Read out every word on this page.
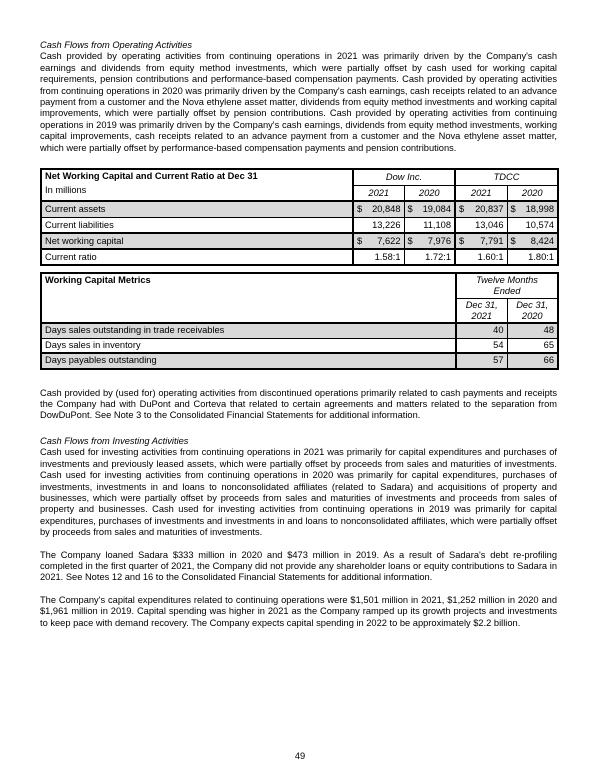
Cash Flows from Operating Activities

Cash provided by operating activities from continuing operations in 2021 was primarily driven by the Company's cash earnings and dividends from equity method investments, which were partially offset by cash used for working capital requirements, pension contributions and performance-based compensation payments. Cash provided by operating activities from continuing operations in 2020 was primarily driven by the Company's cash earnings, cash receipts related to an advance payment from a customer and the Nova ethylene asset matter, dividends from equity method investments and working capital improvements, which were partially offset by pension contributions. Cash provided by operating activities from continuing operations in 2019 was primarily driven by the Company's cash earnings, dividends from equity method investments, working capital improvements, cash receipts related to an advance payment from a customer and the Nova ethylene asset matter, which were partially offset by performance-based compensation payments and pension contributions.

Net Working Capital and Current Ratio at Dec 31
In millions	Dow Inc.		TDCC	
	2021	2020	2021	2020
Current assets	$ 20,848	$ 19,084	$ 20,837	$ 18,998

Current liabilities	13,226	11,108	13,046	10,574
Net working capital	$ 7,622	$ 7,976	$ 7,791	$ 8,424

Current ratio	1.58:1	1.72:1	1.60:1	1.80:1
Working Capital Metrics	Twelve Months Ended	
	Dec 31, 2021	Dec 31, 2020
Days sales outstanding in trade receivables	40	48
Days sales in inventory	54	65
Days payables outstanding	57	66

Cash provided by (used for) operating activities from discontinued operations primarily related to cash payments and receipts the Company had with DuPont and Corteva that related to certain agreements and matters related to the separation from DowDuPont. See Note 3 to the Consolidated Financial Statements for additional information.

Cash Flows from Investing Activities

Cash used for investing activities from continuing operations in 2021 was primarily for capital expenditures and purchases of investments and previously leased assets, which were partially offset by proceeds from sales and maturities of investments. Cash used for investing activities from continuing operations in 2020 was primarily for capital expenditures, purchases of investments, investments in and loans to nonconsolidated affiliates (related to Sadara) and acquisitions of property and businesses, which were partially offset by proceeds from sales and maturities of investments and proceeds from sales of property and businesses. Cash used for investing activities from continuing operations in 2019 was primarily for capital expenditures, purchases of investments and investments in and loans to nonconsolidated affiliates, which were partially offset by proceeds from sales and maturities of investments.

The Company loaned Sadara $333 million in 2020 and $473 million in 2019. As a result of Sadara's debt re-profiling completed in the first quarter of 2021, the Company did not provide any shareholder loans or equity contributions to Sadara in 2021. See Notes 12 and 16 to the Consolidated Financial Statements for additional information.

The Company's capital expenditures related to continuing operations were $1,501 million in 2021, $1,252 million in 2020 and $1,961 million in 2019. Capital spending was higher in 2021 as the Company ramped up its growth projects and investments to keep pace with demand recovery. The Company expects capital spending in 2022 to be approximately $2.2 billion.

49
